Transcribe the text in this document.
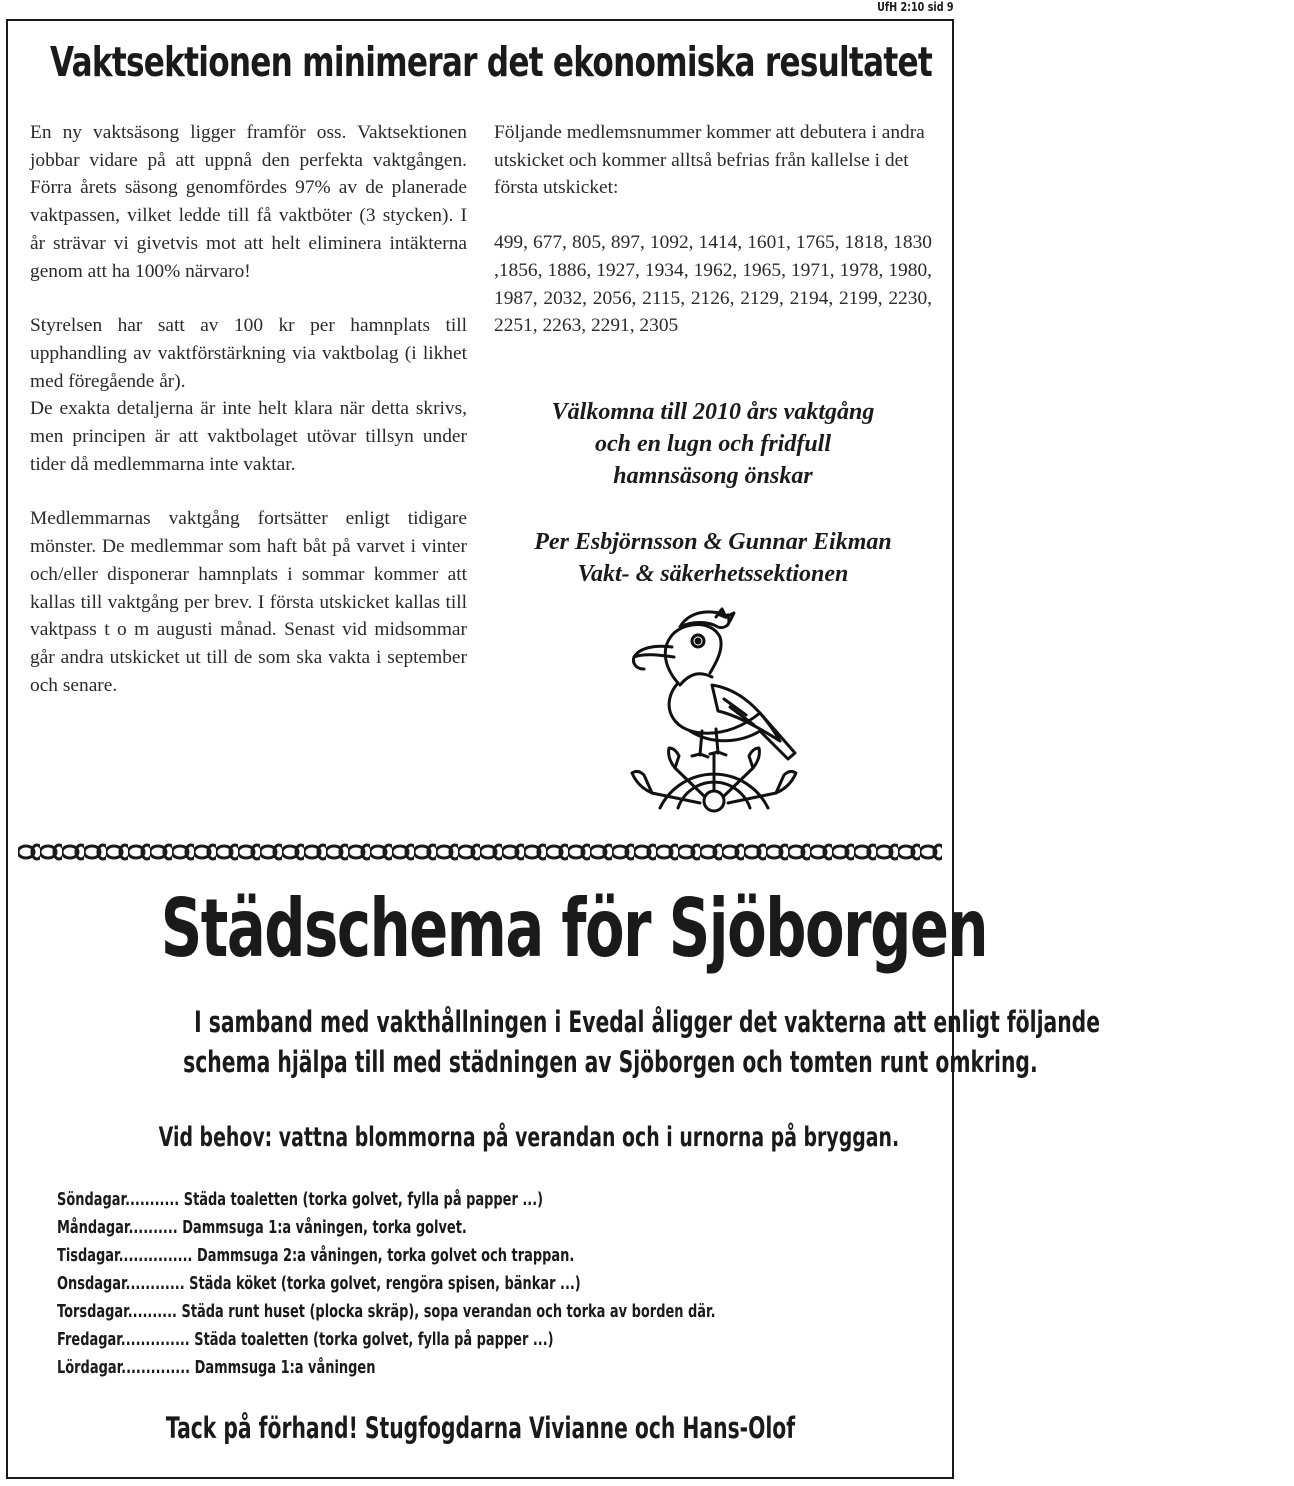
UfH 2:10 sid 9
Vaktsektionen minimerar det ekonomiska resultatet

En ny vaktsäsong ligger framför oss. Vaktsektionen jobbar vidare på att uppnå den perfekta vaktgången. Förra årets säsong genomfördes 97% av de planerade vaktpassen, vilket ledde till få vaktböter (3 stycken). I år strävar vi givetvis mot att helt eliminera intäkterna genom att ha 100% närvaro!

Styrelsen har satt av 100 kr per hamnplats till upphandling av vaktförstärkning via vaktbolag (i likhet med föregående år).

De exakta detaljerna är inte helt klara när detta skrivs, men principen är att vaktbolaget utövar tillsyn under tider då medlemmarna inte vaktar.

Medlemmarnas vaktgång fortsätter enligt tidigare mönster. De medlemmar som haft båt på varvet i vinter och/eller disponerar hamnplats i sommar kommer att kallas till vaktgång per brev. I första utskicket kallas till vaktpass t o m augusti månad. Senast vid midsommar går andra utskicket ut till de som ska vakta i september och senare.

Följande medlemsnummer kommer att debutera i andra utskicket och kommer alltså befrias från kallelse i det första utskicket:

499, 677, 805, 897, 1092, 1414, 1601, 1765, 1818, 1830 ,1856, 1886, 1927, 1934, 1962, 1965, 1971, 1978, 1980, 1987, 2032, 2056, 2115, 2126, 2129, 2194, 2199, 2230, 2251, 2263, 2291, 2305

Välkomna till 2010 års vaktgång
och en lugn och fridfull
hamnsäsong önskar
Per Esbjörnsson & Gunnar Eikman
Vakt- & säkerhetssektionen
Städschema för Sjöborgen
I samband med vakthållningen i Evedal åligger det vakterna att enligt följande
schema hjälpa till med städningen av Sjöborgen och tomten runt omkring.
Vid behov: vattna blommorna på verandan och i urnorna på bryggan.
Söndagar........... Städa toaletten (torka golvet, fylla på papper ...)
Måndagar.......... Dammsuga 1:a våningen, torka golvet.
Tisdagar............... Dammsuga 2:a våningen, torka golvet och trappan.
Onsdagar............ Städa köket (torka golvet, rengöra spisen, bänkar ...)
Torsdagar.......... Städa runt huset (plocka skräp), sopa verandan och torka av borden där.
Fredagar.............. Städa toaletten (torka golvet, fylla på papper ...)
Lördagar.............. Dammsuga 1:a våningen
Tack på förhand! Stugfogdarna Vivianne och Hans-Olof
